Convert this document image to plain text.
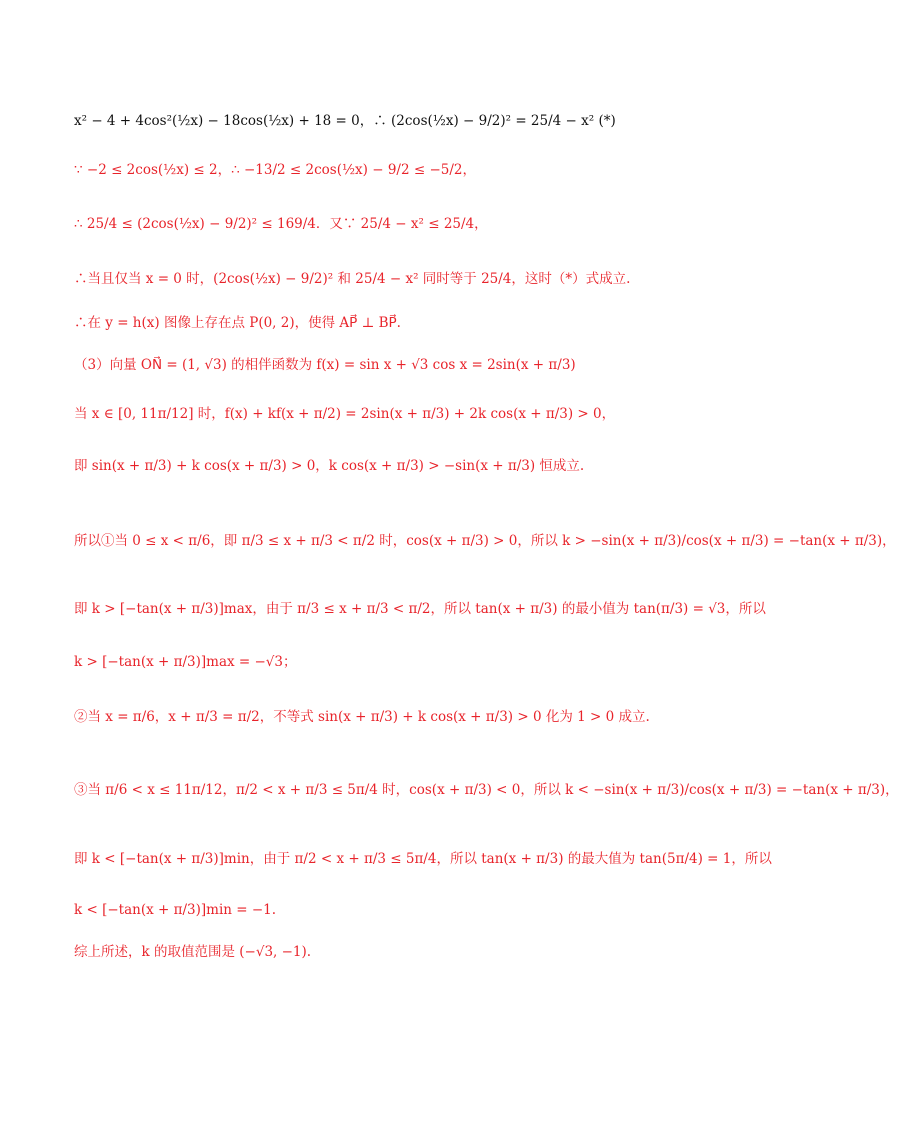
x² − 4 + 4cos²(½x) − 18cos(½x) + 18 = 0，∴ (2cos(½x) − 9/2)² = 25/4 − x² (*)
∵ −2 ≤ 2cos(½x) ≤ 2，∴ −13/2 ≤ 2cos(½x) − 9/2 ≤ −5/2，
∴ 25/4 ≤ (2cos(½x) − 9/2)² ≤ 169/4．又∵ 25/4 − x² ≤ 25/4，
∴当且仅当 x = 0 时，(2cos(½x) − 9/2)² 和 25/4 − x² 同时等于 25/4，这时（*）式成立.
∴在 y = h(x) 图像上存在点 P(0, 2)，使得 AP⃗ ⊥ BP⃗.
（3）向量 ON⃗ = (1, √3) 的相伴函数为 f(x) = sin x + √3 cos x = 2sin(x + π/3)
当 x ∈ [0, 11π/12] 时，f(x) + kf(x + π/2) = 2sin(x + π/3) + 2k cos(x + π/3) > 0，
即 sin(x + π/3) + k cos(x + π/3) > 0，k cos(x + π/3) > −sin(x + π/3) 恒成立.
所以①当 0 ≤ x < π/6，即 π/3 ≤ x + π/3 < π/2 时，cos(x + π/3) > 0，所以 k > −sin(x + π/3)/cos(x + π/3) = −tan(x + π/3)，
即 k > [−tan(x + π/3)]max，由于 π/3 ≤ x + π/3 < π/2，所以 tan(x + π/3) 的最小值为 tan(π/3) = √3，所以
k > [−tan(x + π/3)]max = −√3；
②当 x = π/6，x + π/3 = π/2，不等式 sin(x + π/3) + k cos(x + π/3) > 0 化为 1 > 0 成立.
③当 π/6 < x ≤ 11π/12，π/2 < x + π/3 ≤ 5π/4 时，cos(x + π/3) < 0，所以 k < −sin(x + π/3)/cos(x + π/3) = −tan(x + π/3)，
即 k < [−tan(x + π/3)]min，由于 π/2 < x + π/3 ≤ 5π/4，所以 tan(x + π/3) 的最大值为 tan(5π/4) = 1，所以
k < [−tan(x + π/3)]min = −1.
综上所述，k 的取值范围是 (−√3, −1).
